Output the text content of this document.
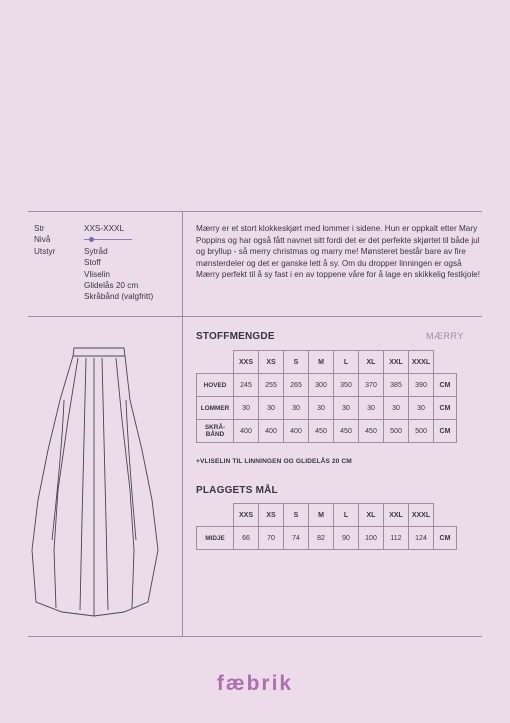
Str	XXS-XXXL
Nivå
Utstyr	Sytråd
Stoff
Vliselin
Glidelås 20 cm
Skråbånd (valgfritt)
Mærry er et stort klokkeskjørt med lommer i sidene. Hun er oppkalt etter Mary Poppins og har også fått navnet sitt fordi det er det perfekte skjørtet til både jul og bryllup - så merry christmas og marry me! Mønsteret består bare av fire mønsterdeler og det er ganske lett å sy. Om du dropper linningen er også Mærry perfekt til å sy fast i en av toppene våre for å lage en skikkelig festkjole!
STOFFMENGDE	MÆRRY
	XXS	XS	S	M	L	XL	XXL	XXXL	
HOVED	245	255	265	300	350	370	385	390	CM
LOMMER	30	30	30	30	30	30	30	30	CM
SKRÅ-
BÅND	400	400	400	450	450	450	500	500	CM
+VLISELIN TIL LINNINGEN OG GLIDELÅS 20 CM
PLAGGETS MÅL
	XXS	XS	S	M	L	XL	XXL	XXXL	
MIDJE	66	70	74	82	90	100	112	124	CM
fæbrik
